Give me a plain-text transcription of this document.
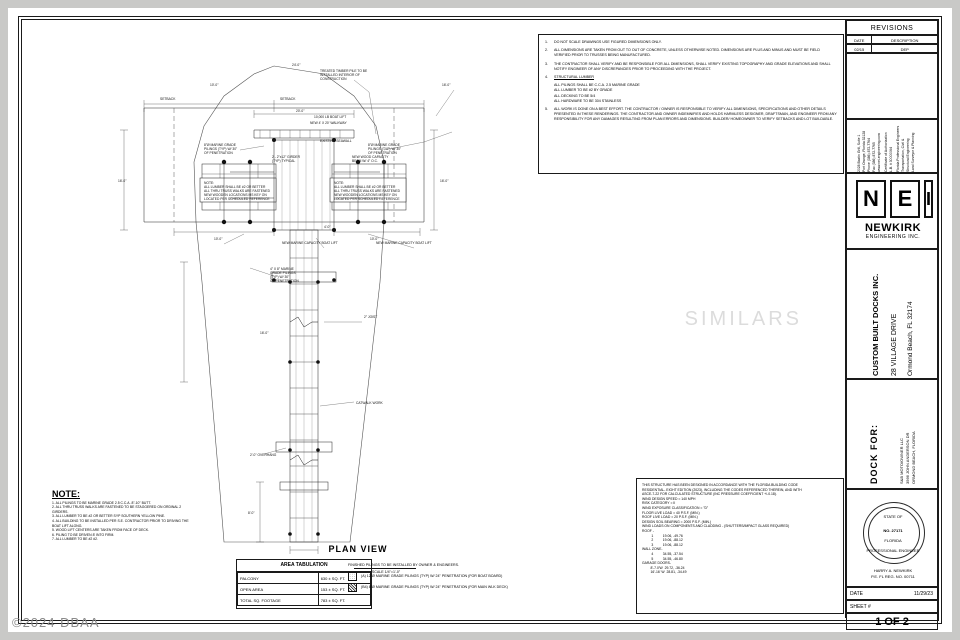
TREATED TIMBER PILE TO BE
INSTALLED INTERIOR OF
CONSTRUCTION
16'-0"
24'-0"
10'-0"
SETBACK	SETBACK
NEW 4' X 20' WALKWAY
10,000 LB BOAT LIFT
8"Ø MARINE GRADE
PILINGS (TYP) W/ 30"
OF PENETRATION
8"Ø MARINE GRADE
PILINGS (TYP) W/ 30"
OF PENETRATION
NEW WOOD CAPACITY
BEAM W/ 4" O.C.
2 - 2"x12" GIRDER
(TYP) TYPICAL
NEW MARINE CAPACITY BOAT LIFT	NEW MARINE CAPACITY BOAT LIFT
4" X 8" MARINE
GRADE PILINGS
(TYP) W/ 30"
OF PENETRATION
2" JOIST
CATWALK WORK
2'-0" OVERHANG
16'-0"
8'-0"
16'-0"	16'-0"
10'-0"	10'-0"
20'-0"
EXISTING SEAWALL
4'-0"
NOTE:
ALL LUMBER SHALL BE #2 OR BETTER
ALL THRU TRUSS WALKS ARE FASTENED
NEW WOODEN LOCATIONS MS KEY ON
LOCATED PER SCHEDULED REFERENCE
NOTE:
ALL LUMBER SHALL BE #2 OR BETTER
ALL THRU TRUSS WALKS ARE FASTENED
NEW WOODEN LOCATIONS MS KEY ON
LOCATED PER SCHEDULED REFERENCE
PLAN VIEW
SCALE 1/4"=1'-0"
1.	DO NOT SCALE DRAWINGS USE FIGURED DIMENSIONS ONLY.
2.	ALL DIMENSIONS ARE TAKEN FROM OUT TO OUT OF CONCRETE, UNLESS OTHERWISE NOTED. DIMENSIONS ARE PLUS AND MINUS AND MUST BE FIELD VERIFIED PRIOR TO TRUSSES BEING MANUFACTURED.
3.	THE CONTRACTOR SHALL VERIFY AND BE RESPONSIBLE FOR ALL DIMENSIONS, SHALL VERIFY EXISTING TOPOGRAPHY AND GRADE ELEVATIONS AND SHALL NOTIFY ENGINEER OF ANY DISCREPANCIES PRIOR TO PROCEEDING WITH THE PROJECT.
4.	STRUCTURAL LUMBER
ALL PILINGS SHALL BE C.C.A. 2.5 MARINE GRADE
ALL LUMBER TO BE #2 BY GRADE
ALL DECKING TO BE 5/4
ALL HARDWARE TO BE 304 STAINLESS
5.	ALL WORK IS DONE ON A BEST EFFORT. THE CONTRACTOR / OWNER IS RESPONSIBLE TO VERIFY ALL DIMENSIONS, SPECIFICATIONS AND OTHER DETAILS PRESENTED IN THESE RENDERINGS. THE CONTRACTOR AND OWNER INDEMNIFIES AND HOLDS HARMLESS DESIGNER, DRAFTSMAN, AND ENGINEER FROM ANY RESPONSIBILITY FOR ANY DAMAGES RESULTING FROM PLAN ERRORS AND DIMENSIONS. BUILDER/ HOMEOWNER TO VERIFY SETBACKS AND LOT BUILDABLE.
THIS STRUCTURE HAS BEEN DESIGNED IN ACCORDANCE WITH THE FLORIDA BUILDING CODE
RESIDENTIAL- EIGHT EDITION (2023), INCLUDING THE CODES REFERENCED THEREIN, AND WITH
ASCE-7-22 FOR CALCULATED STRUCTURE (INC PRESSURE COEFFICIENT +/-0.18).
WIND DESIGN SPEED = 140 MPH
RISK CATEGORY = II
WIND EXPOSURE CLASSIFICATION = "D"
FLOOR LIVE LOAD = 40 P.S.F. (MIN.)
ROOF LIVE LOAD = 20 P.S.F. (MIN.)
DESIGN SOIL BEARING = 2000 P.S.F. (MIN.)
WIND LOADS ON COMPONENTS AND CLADDING - (SHUTTERS/IMPACT GLASS REQUIRED)
ROOF -
1          19.06, -49.76
2          19.06, -88.12
3          19.06, -88.12
WALL ZONE-
4          34.55, -37.54
5          34.55, -46.80
GARAGE DOORS-
8'-7.0'W  29.72, -36.24
16'-16' W  28.81, -34.49
NOTE:
1. ALL PILINGS TO BE MARINE GRADE 2.5 C.C.A. 8"-10" BUTT.
2. ALL THRU TRUSS WALKS ARE FASTENED TO BE STAGGERED ON ORDINAL 2 GIRDERS.
3. ALL LUMBER TO BE #2 OR BETTER SYP SOUTHERN YELLOW PINE.
4. ALL BUILDING TO BE INSTALLED PER S.E. CONTRACTOR PRIOR TO DRIVING THE BOAT LIFT ALONG.
5. WOOD LIFT CENTERS ARE TAKEN FROM FACE OF DECK.
6. PILING TO BE DRIVEN 8' INTO FIRM.
7. ALL LUMBER TO BE #2 #2.
AREA TABULATION
PALCONY	630 ± SQ. FT.
OPEN AREA	153 ± SQ. FT.
TOTAL SQ. FOOTAGE	783 ± SQ. FT.
FINISHED PILINGS TO BE INSTALLED BY OWNER & ENGINEERS.
(A) 12"Ø MARINE GRADE PILINGS (TYP) W/ 24" PENETRATION (FOR BOAT BOARD)
(B4) 8"Ø MARINE GRADE PILINGS (TYP) W/ 24" PENETRATION (FOR MAIN WLK DECK)
REVISIONS
DATE	DESCRIPTION
02/15	DEP
2028 Baxtin Grill, Suite 1 Port Orange, Florida 32128 Phone (386) 872-7764 Fax (386) 872-7765 www.nei-engineering.com Certificate of Authorization L.B. # 30000064 Florida Professional Engineers Transportation, Civil & Structural Engineering Land Surveyor & Planning
N E I
NEWKIRK
ENGINEERING INC.
CUSTOM BUILT DOCKS INC. 28 VILLAGE DRIVE Ormond Beach, FL 32174
DOCK FOR:	S&B MOTO/OWNER LLC 3566 JOHN ANDERSON DR ORMOND BEACH, FLORIDA
STATE OF
NO. 27171
FLORIDA
PROFESSIONAL ENGINEER
HARRY A. NEWKIRK
P.E. FL REG. NO. 00711
DATE	11/29/23
SHEET #
1 OF 2
SIMILARS
©2024 DBAA
